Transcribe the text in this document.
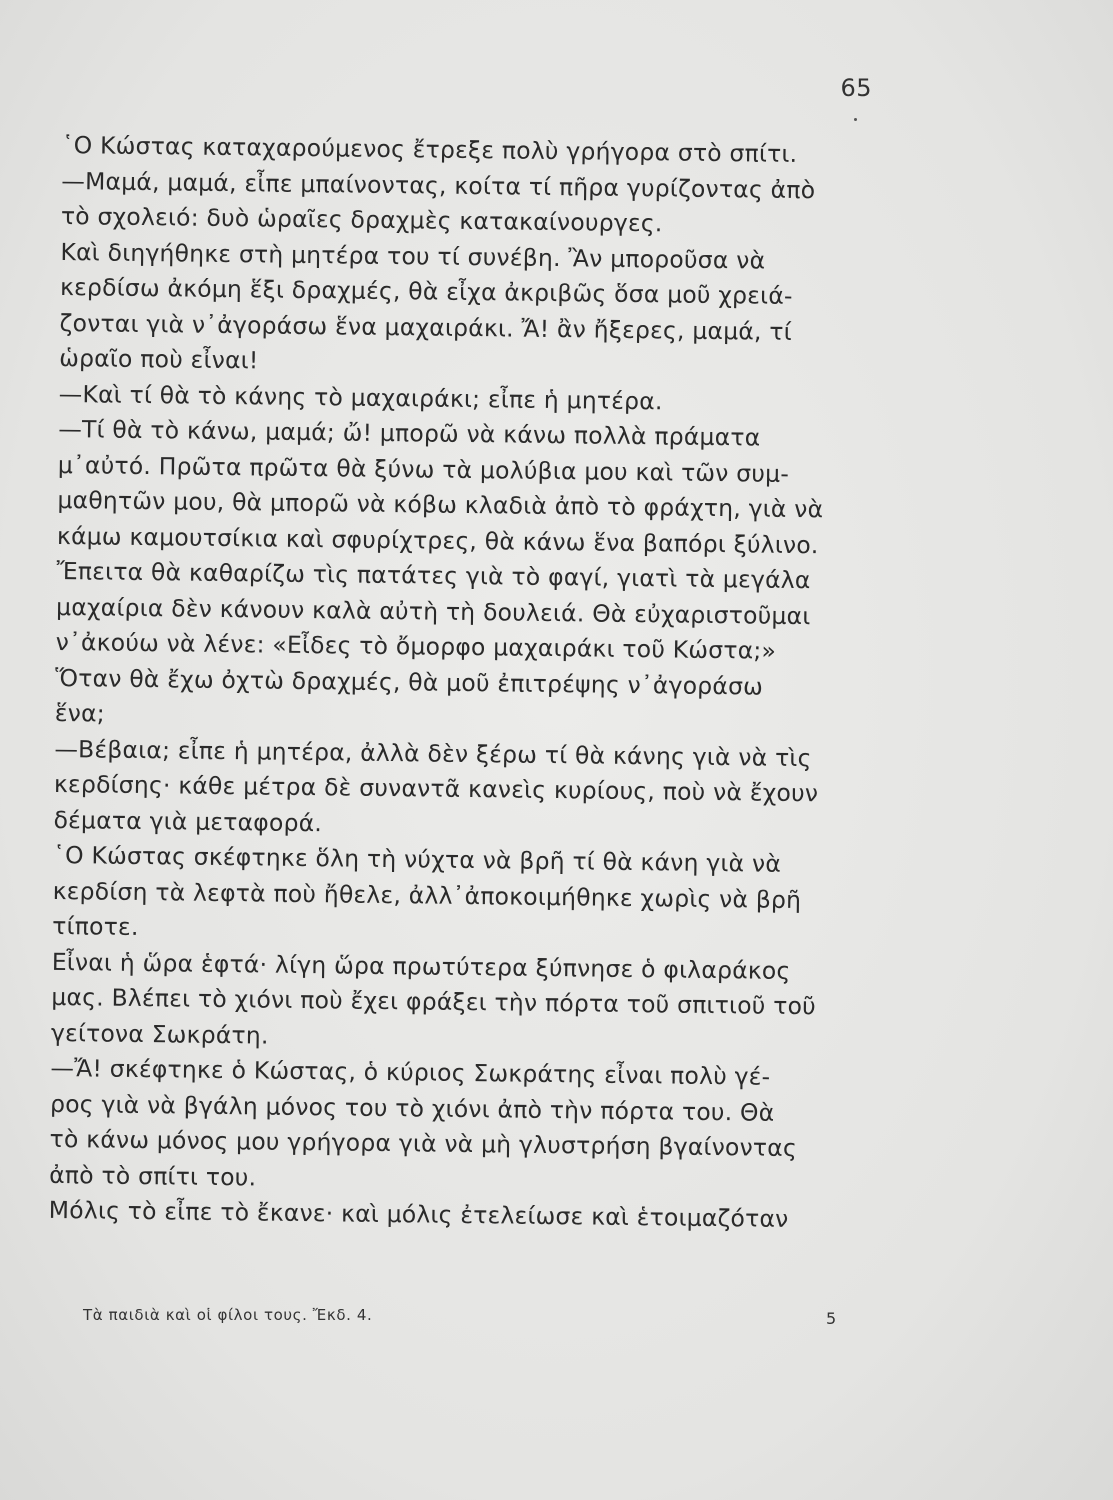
65
῾Ο Κώστας καταχαρούμενος ἔτρεξε πολὺ γρήγορα στὸ σπίτι.
—Μαμά, μαμά, εἶπε μπαίνοντας, κοίτα τί πῆρα γυρίζοντας ἀπὸ
τὸ σχολειό: δυὸ ὡραῖες δραχμὲς κατακαίνουργες.
Καὶ διηγήθηκε στὴ μητέρα του τί συνέβη. Ἂν μποροῦσα νὰ
κερδίσω ἀκόμη ἕξι δραχμές, θὰ εἶχα ἀκριβῶς ὅσα μοῦ χρειά-
ζονται γιὰ ν᾿ἀγοράσω ἕνα μαχαιράκι. Ἄ! ἂν ἤξερες, μαμά, τί
ὡραῖο ποὺ εἶναι!
—Καὶ τί θὰ τὸ κάνης τὸ μαχαιράκι; εἶπε ἡ μητέρα.
—Τί θὰ τὸ κάνω, μαμά; ὤ! μπορῶ νὰ κάνω πολλὰ πράματα
μ᾿αὐτό. Πρῶτα πρῶτα θὰ ξύνω τὰ μολύβια μου καὶ τῶν συμ-
μαθητῶν μου, θὰ μπορῶ νὰ κόβω κλαδιὰ ἀπὸ τὸ φράχτη, γιὰ νὰ
κάμω καμουτσίκια καὶ σφυρίχτρες, θὰ κάνω ἕνα βαπόρι ξύλινο.
Ἔπειτα θὰ καθαρίζω τὶς πατάτες γιὰ τὸ φαγί, γιατὶ τὰ μεγάλα
μαχαίρια δὲν κάνουν καλὰ αὐτὴ τὴ δουλειά. Θὰ εὐχαριστοῦμαι
ν᾿ἀκούω νὰ λένε: «Εἶδες τὸ ὄμορφο μαχαιράκι τοῦ Κώστα;»
Ὅταν θὰ ἔχω ὀχτὼ δραχμές, θὰ μοῦ ἐπιτρέψης ν᾿ἀγοράσω
ἕνα;
—Βέβαια; εἶπε ἡ μητέρα, ἀλλὰ δὲν ξέρω τί θὰ κάνης γιὰ νὰ τὶς
κερδίσης· κάθε μέτρα δὲ συναντᾶ κανεὶς κυρίους, ποὺ νὰ ἔχουν
δέματα γιὰ μεταφορά.
῾Ο Κώστας σκέφτηκε ὅλη τὴ νύχτα νὰ βρῆ τί θὰ κάνη γιὰ νὰ
κερδίση τὰ λεφτὰ ποὺ ἤθελε, ἀλλ᾿ἀποκοιμήθηκε χωρὶς νὰ βρῆ
τίποτε.
Εἶναι ἡ ὥρα ἑφτά· λίγη ὥρα πρωτύτερα ξύπνησε ὁ φιλαράκος
μας. Βλέπει τὸ χιόνι ποὺ ἔχει φράξει τὴν πόρτα τοῦ σπιτιοῦ τοῦ
γείτονα Σωκράτη.
—Ἄ! σκέφτηκε ὁ Κώστας, ὁ κύριος Σωκράτης εἶναι πολὺ γέ-
ρος γιὰ νὰ βγάλη μόνος του τὸ χιόνι ἀπὸ τὴν πόρτα του. Θὰ
τὸ κάνω μόνος μου γρήγορα γιὰ νὰ μὴ γλυστρήση βγαίνοντας
ἀπὸ τὸ σπίτι του.
Μόλις τὸ εἶπε τὸ ἔκανε· καὶ μόλις ἐτελείωσε καὶ ἑτοιμαζόταν
Τὰ παιδιὰ καὶ οἱ φίλοι τους. Ἔκδ. 4.	5
